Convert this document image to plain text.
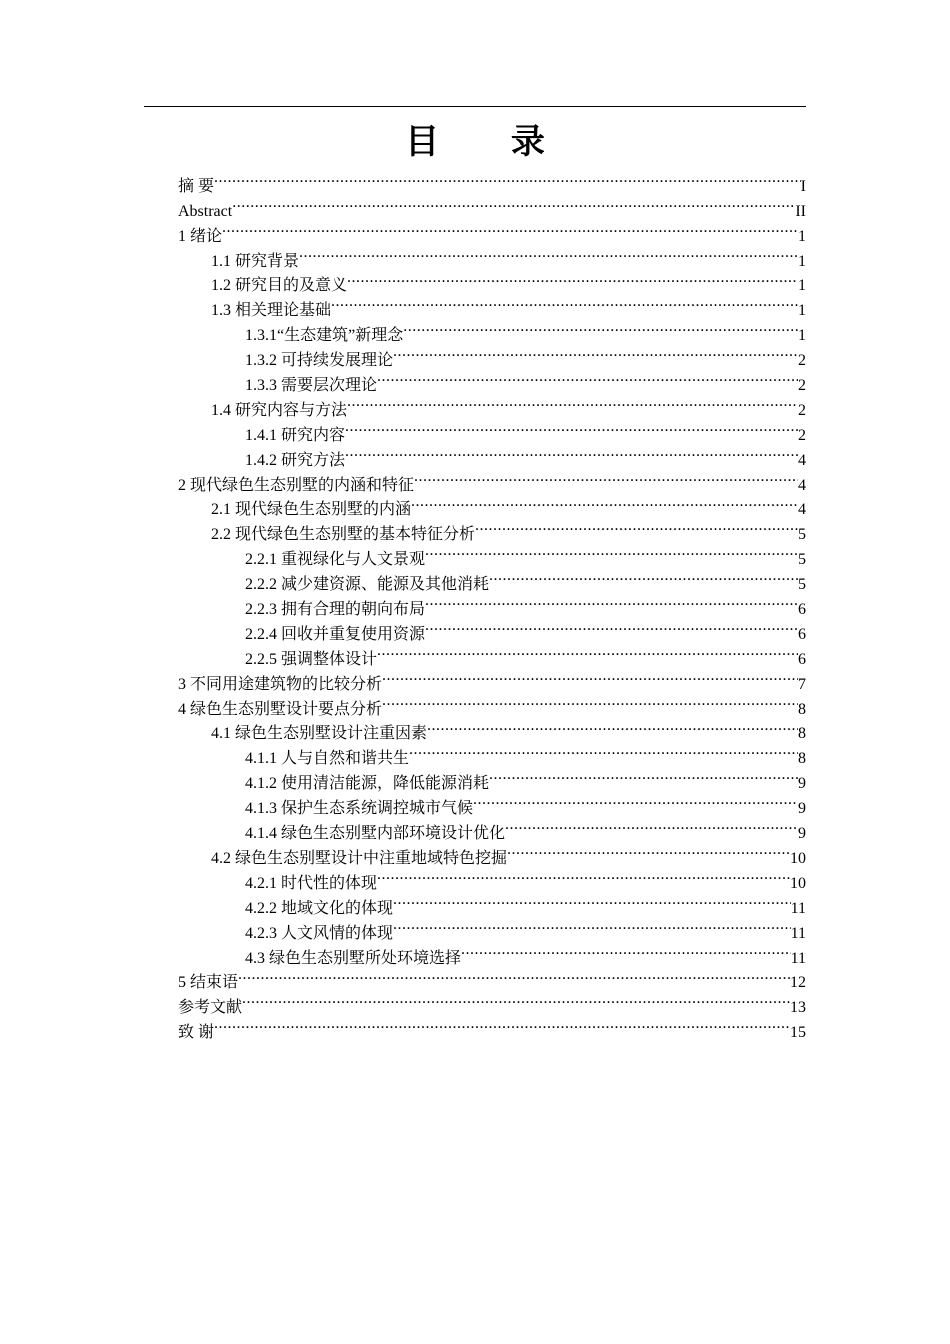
目 录
摘 要 .....	I
Abstract .....	II
1 绪论 .....	1
1.1 研究背景 .....	1
1.2 研究目的及意义 .....	1
1.3 相关理论基础 .....	1
1.3.1“生态建筑”新理念 .....	1
1.3.2 可持续发展理论 .....	2
1.3.3 需要层次理论 .....	2
1.4 研究内容与方法 .....	2
1.4.1 研究内容 .....	2
1.4.2 研究方法 .....	4
2 现代绿色生态别墅的内涵和特征 .....	4
2.1 现代绿色生态别墅的内涵 .....	4
2.2 现代绿色生态别墅的基本特征分析 .....	5
2.2.1 重视绿化与人文景观 .....	5
2.2.2 减少建资源、能源及其他消耗 .....	5
2.2.3 拥有合理的朝向布局 .....	6
2.2.4 回收并重复使用资源 .....	6
2.2.5 强调整体设计 .....	6
3 不同用途建筑物的比较分析 .....	7
4 绿色生态别墅设计要点分析 .....	8
4.1 绿色生态别墅设计注重因素 .....	8
4.1.1 人与自然和谐共生 .....	8
4.1.2 使用清洁能源，降低能源消耗 .....	9
4.1.3 保护生态系统调控城市气候 .....	9
4.1.4 绿色生态别墅内部环境设计优化 .....	9
4.2 绿色生态别墅设计中注重地域特色挖掘 .....	10
4.2.1 时代性的体现 .....	10
4.2.2 地域文化的体现 .....	11
4.2.3 人文风情的体现 .....	11
4.3 绿色生态别墅所处环境选择 .....	11
5 结束语 .....	12
参考文献 .....	13
致 谢 .....	15
